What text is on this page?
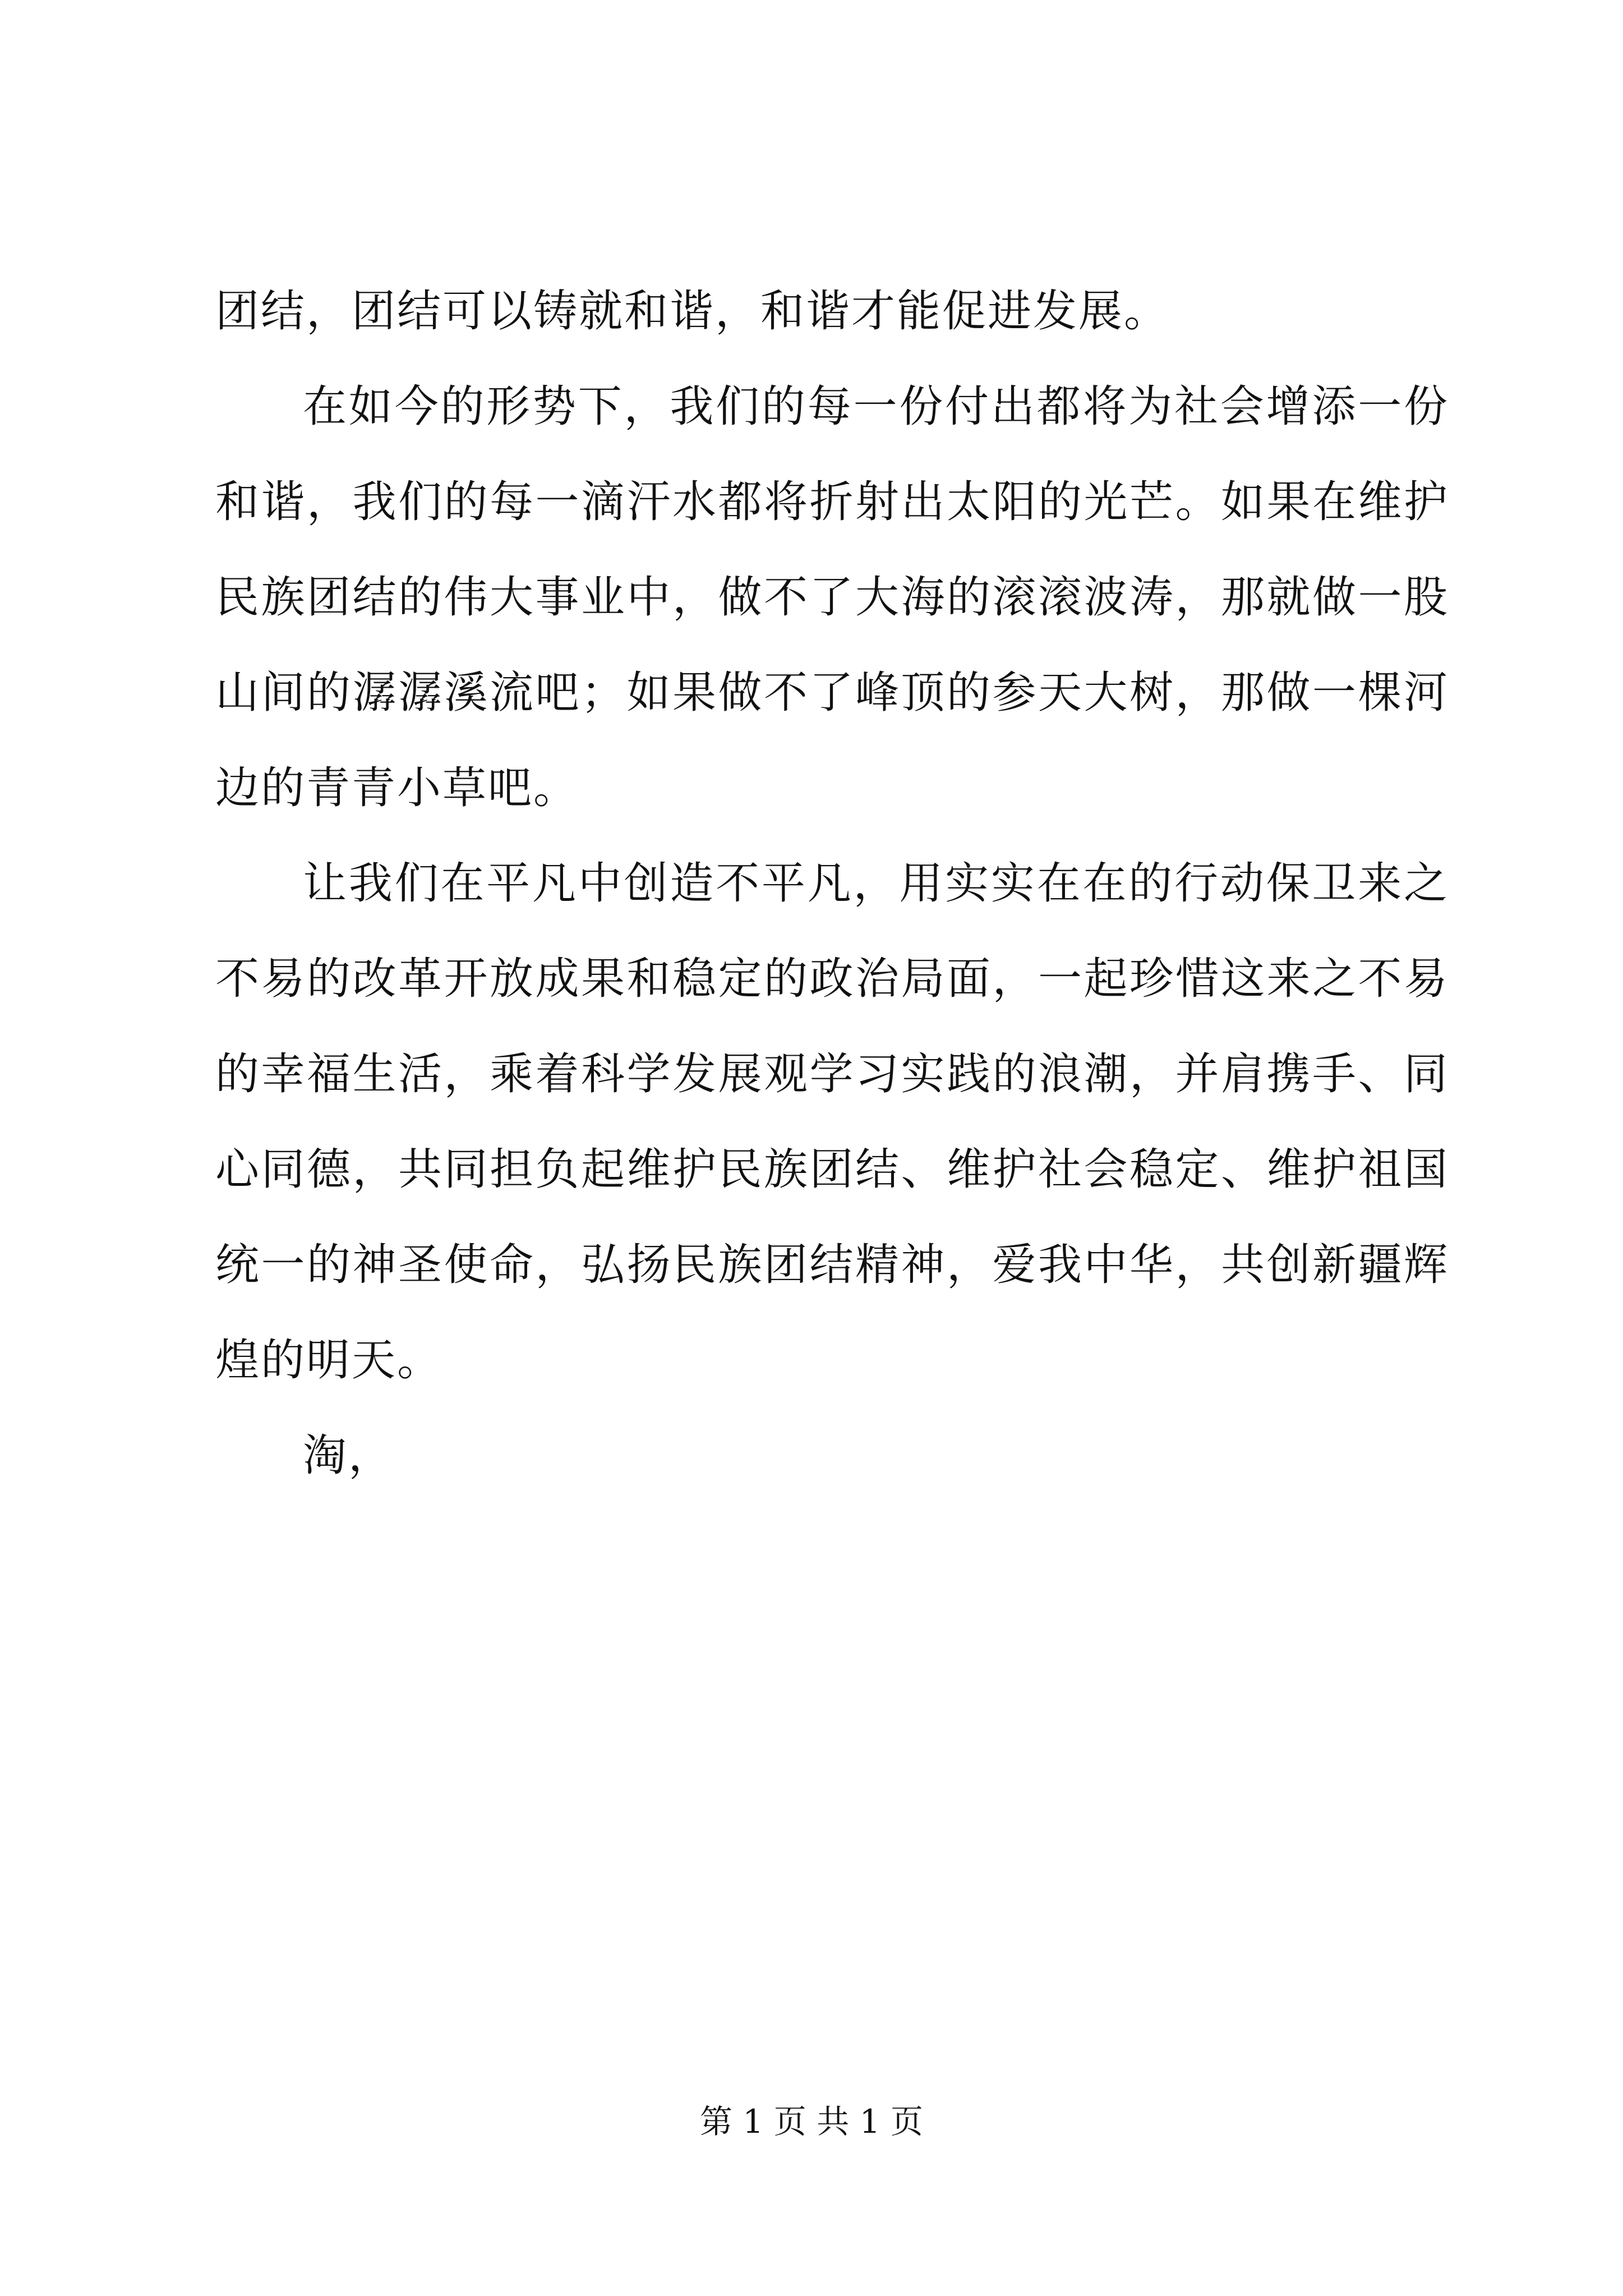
团结，团结可以铸就和谐，和谐才能促进发展。

在如今的形势下，我们的每一份付出都将为社会增添一份和谐，我们的每一滴汗水都将折射出太阳的光芒。如果在维护民族团结的伟大事业中，做不了大海的滚滚波涛，那就做一股山间的潺潺溪流吧；如果做不了峰顶的参天大树，那做一棵河边的青青小草吧。

让我们在平凡中创造不平凡，用实实在在的行动保卫来之不易的改革开放成果和稳定的政治局面，一起珍惜这来之不易的幸福生活，乘着科学发展观学习实践的浪潮，并肩携手、同心同德，共同担负起维护民族团结、维护社会稳定、维护祖国统一的神圣使命，弘扬民族团结精神，爱我中华，共创新疆辉煌的明天。

淘，

第 1 页 共 1 页
